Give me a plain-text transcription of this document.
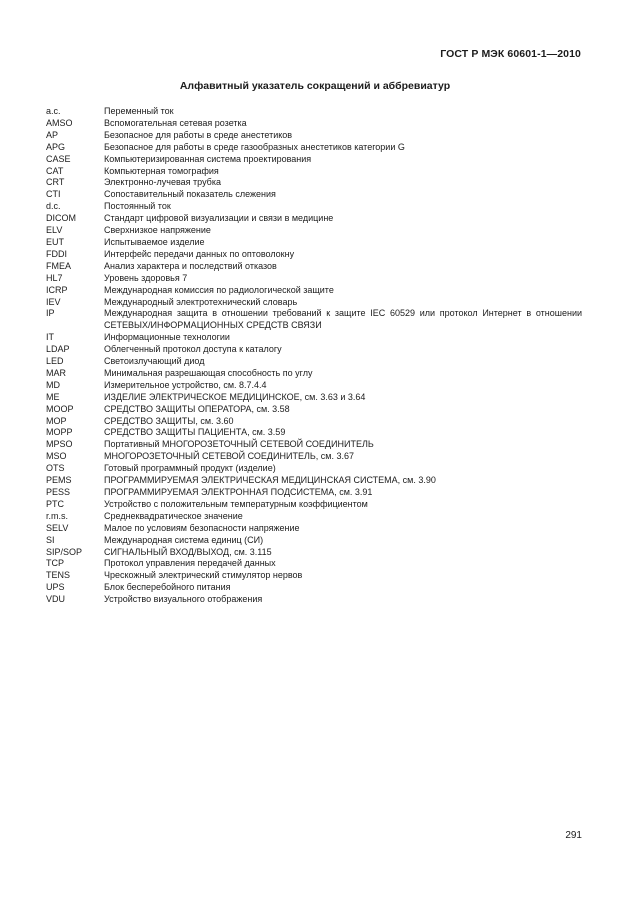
ГОСТ Р МЭК 60601-1—2010
Алфавитный указатель сокращений и аббревиатур
a.c.	Переменный ток
AMSO	Вспомогательная сетевая розетка
AP	Безопасное для работы в среде анестетиков
APG	Безопасное для работы в среде газообразных анестетиков категории G
CASE	Компьютеризированная система проектирования
CAT	Компьютерная томография
CRT	Электронно-лучевая трубка
CTI	Сопоставительный показатель слежения
d.c.	Постоянный ток
DICOM	Стандарт цифровой визуализации и связи в медицине
ELV	Сверхнизкое напряжение
EUT	Испытываемое изделие
FDDI	Интерфейс передачи данных по оптоволокну
FMEA	Анализ характера и последствий отказов
HL7	Уровень здоровья 7
ICRP	Международная комиссия по радиологической защите
IEV	Международный электротехнический словарь
IP	Международная защита в отношении требований к защите IEC 60529 или протокол Интернет в отношении СЕТЕВЫХ/ИНФОРМАЦИОННЫХ СРЕДСТВ СВЯЗИ
IT	Информационные технологии
LDAP	Облегченный протокол доступа к каталогу
LED	Светоизлучающий диод
MAR	Минимальная разрешающая способность по углу
MD	Измерительное устройство, см. 8.7.4.4
ME	ИЗДЕЛИЕ ЭЛЕКТРИЧЕСКОЕ МЕДИЦИНСКОЕ, см. 3.63 и 3.64
MOOP	СРЕДСТВО ЗАЩИТЫ ОПЕРАТОРА, см. 3.58
MOP	СРЕДСТВО ЗАЩИТЫ, см. 3.60
MOPP	СРЕДСТВО ЗАЩИТЫ ПАЦИЕНТА, см. 3.59
MPSO	Портативный МНОГОРОЗЕТОЧНЫЙ СЕТЕВОЙ СОЕДИНИТЕЛЬ
MSO	МНОГОРОЗЕТОЧНЫЙ СЕТЕВОЙ СОЕДИНИТЕЛЬ, см. 3.67
OTS	Готовый программный продукт (изделие)
PEMS	ПРОГРАММИРУЕМАЯ ЭЛЕКТРИЧЕСКАЯ МЕДИЦИНСКАЯ СИСТЕМА, см. 3.90
PESS	ПРОГРАММИРУЕМАЯ ЭЛЕКТРОННАЯ ПОДСИСТЕМА, см. 3.91
PTC	Устройство с положительным температурным коэффициентом
r.m.s.	Среднеквадратическое значение
SELV	Малое по условиям безопасности напряжение
SI	Международная система единиц (СИ)
SIP/SOP	СИГНАЛЬНЫЙ ВХОД/ВЫХОД, см. 3.115
TCP	Протокол управления передачей данных
TENS	Чрескожный электрический стимулятор нервов
UPS	Блок бесперебойного питания
VDU	Устройство визуального отображения
291
